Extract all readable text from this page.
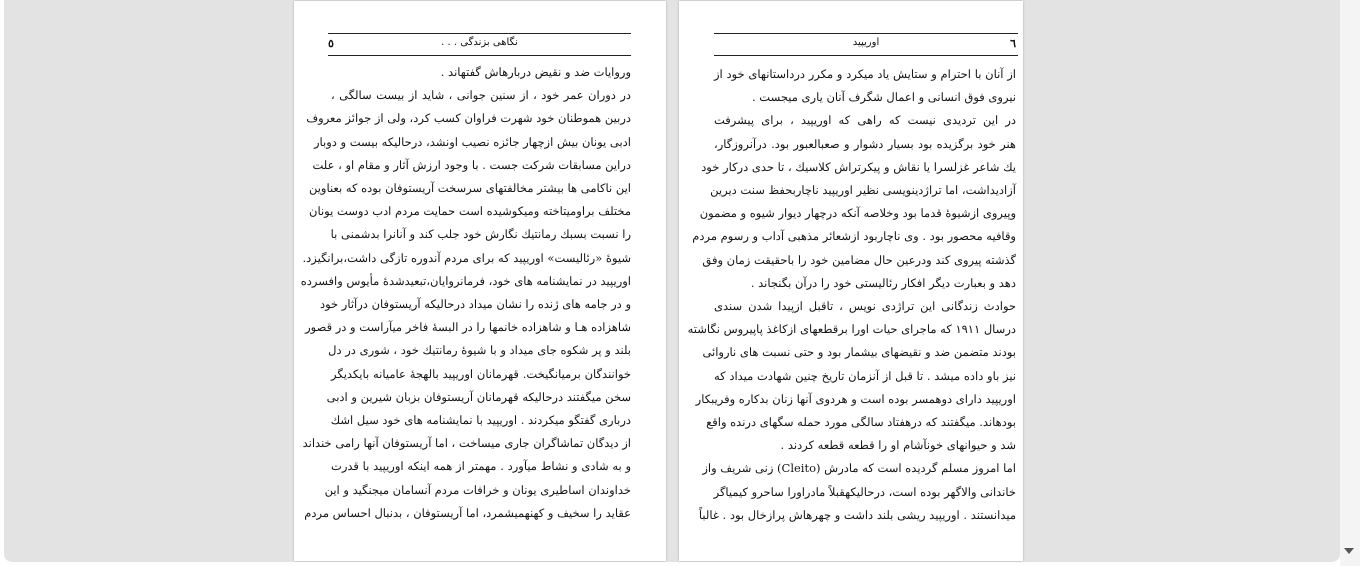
٥	نگاهی بزندگی . . .
وروایات ضد و نقیض دربارهاش گفتهاند .
در دوران عمر خود ، از سنین جوانی ، شاید از بیست سالگی ،
دربین هموطنان خود شهرت فراوان کسب کرد، ولی از جوائز معروف
ادبی یونان بیش ازچهار جائزه نصیب اونشد، درحالیکه بیست و دوبار
دراین مسابقات شرکت جست . با وجود ارزش آثار و مقام او ، علت
این ناکامی ها بیشتر مخالفتهای سرسخت آریستوفان بوده که بعناوین
مختلف براومیتاخته ومیکوشیده است حمایت مردم ادب دوست یونان
را نسبت بسبك رمانتيك نگارش خود جلب كند و آنانرا بدشمنی با
شیوهٔ «رئالیست» اوریپید که برای مردم آندوره تازگی داشت،برانگیزد.
اوریپید در نمایشنامه های خود، فرمانروایان،تبعیدشدهٔ مأیوس وافسرده
و در جامه های ژنده را نشان میداد درحالیکه آریستوفان درآثار خود
شاهزاده هـا و شاهزاده خانمها را در البسهٔ فاخر میآراست و در قصور
بلند و پر شکوه جای میداد و با شیوهٔ رمانتیك خود ، شوری در دل
خوانندگان برمیانگیخت. قهرمانان اوریپید بالهجهٔ عامیانه بایکدیگر
سخن میگفتند درحالیکه قهرمانان آریستوفان بزبان شیرین و ادبی
درباری گفتگو میکردند . اوریپید با نمایشنامه های خود سیل اشك
از دیدگان تماشاگران جاری میساخت ، اما آریستوفان آنها رامی خنداند
و به شادی و نشاط میآورد . مهمتر از همه اینکه اوریپید با قدرت
خداوندان اساطیری یونان و خرافات مردم آنسامان میجنگید و این
عقاید را سخیف و کهنهمیشمرد، اما آریستوفان ، بدنبال احساس مردم
اوریپید	٦
از آنان با احترام و ستایش یاد میکرد و مکرر درداستانهای خود از
نیروی فوق انسانی و اعمال شگرف آنان یاری میجست .
در این تردیدی نیست که راهی که اوریپید ، برای پیشرفت
هنر خود برگزیده بود بسیار دشوار و صعبالعبور بود. درآنروزگار،
یك شاعر غزلسرا یا نقاش و پیکرتراش کلاسیك ، تا حدی درکار خود
آزادیداشت، اما تراژدینویسی نظیر اوریپید ناچاربحفظ سنت دیرین
وپیروی ازشیوهٔ قدما بود وخلاصه آنکه درچهار دیوار شیوه و مضمون
وقافیه محصور بود . وی ناچاربود ازشعائر مذهبی آداب و رسوم مردم
گذشته پیروی کند ودرعین حال مضامین خود را باحقیقت زمان وفق
دهد و بعبارت دیگر افکار رئالیستی خود را درآن بگنجاند .
حوادث زندگانی این تراژدی نویس ، تاقبل ازپیدا شدن سندی
درسال ۱۹۱۱ که ماجرای حیات اورا برقطعهای ازکاغذ پاپیروس نگاشته
بودند متضمن ضد و نقیضهای بیشمار بود و حتی نسبت های ناروائی
نیز باو داده میشد . تا قبل از آنزمان تاریخ چنین شهادت میداد که
اوریپید دارای دوهمسر بوده است و هردوی آنها زنان بدکاره وفریبکار
بودهاند. میگفتند که درهفتاد سالگی مورد حمله سگهای درنده واقع
شد و حیوانهای خونآشام او را قطعه قطعه کردند .
اما امروز مسلم گردیده است که مادرش (Cleito) زنی شریف واز
خاندانی والاگهر بوده است، درحالیکهقبلاً مادراورا ساحرو کیمیاگر
میدانستند . اوریپید ریشی بلند داشت و چهرهاش پرازخال بود . غالباً
